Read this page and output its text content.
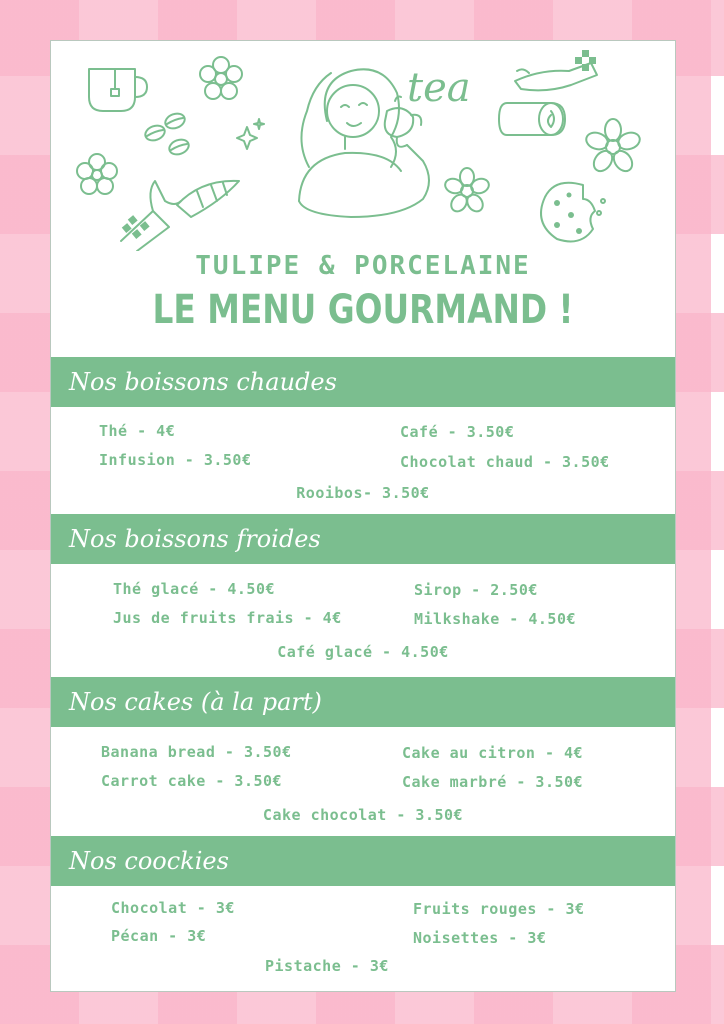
tea
TULIPE & PORCELAINE
LE MENU GOURMAND !
Nos boissons chaudes
Thé - 4€
Infusion - 3.50€
Café - 3.50€
Chocolat chaud - 3.50€
Rooibos- 3.50€
Nos boissons froides
Thé glacé - 4.50€
Jus de fruits frais - 4€
Sirop - 2.50€
Milkshake - 4.50€
Café glacé - 4.50€
Nos cakes (à la part)
Banana bread - 3.50€
Carrot cake - 3.50€
Cake au citron - 4€
Cake marbré - 3.50€
Cake chocolat - 3.50€
Nos coockies
Chocolat - 3€
Pécan - 3€
Fruits rouges - 3€
Noisettes - 3€
Pistache - 3€
